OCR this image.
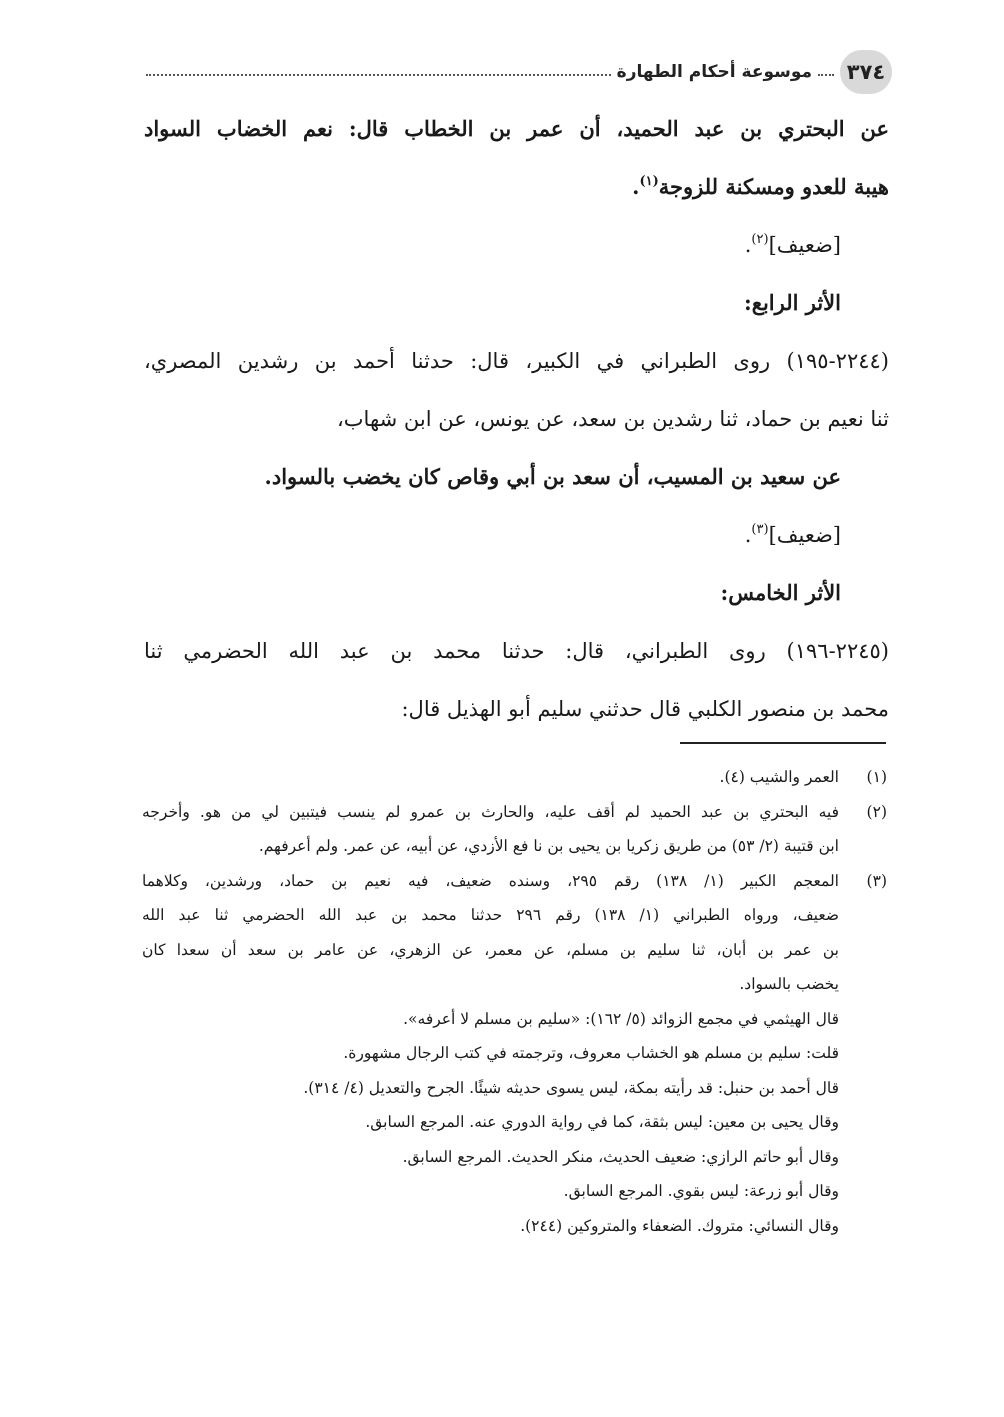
٣٧٤
موسوعة أحكام الطهارة
عن البحتري بن عبد الحميد، أن عمر بن الخطاب قال: نعم الخضاب السواد
هيبة للعدو ومسكنة للزوجة$^{(١)}$.
[ضعيف]$^{(٢)}$.
الأثر الرابع:
(٢٢٤٤-١٩٥) روى الطبراني في الكبير، قال: حدثنا أحمد بن رشدين المصري،
ثنا نعيم بن حماد، ثنا رشدين بن سعد، عن يونس، عن ابن شهاب،
عن سعيد بن المسيب، أن سعد بن أبي وقاص كان يخضب بالسواد.
[ضعيف]$^{(٣)}$.
الأثر الخامس:
(٢٢٤٥-١٩٦) روى الطبراني، قال: حدثنا محمد بن عبد الله الحضرمي ثنا
محمد بن منصور الكلبي قال حدثني سليم أبو الهذيل قال:
(١)
العمر والشيب (٤).
(٢)
فيه البحتري بن عبد الحميد لم أقف عليه، والحارث بن عمرو لم ينسب فيتبين لي من هو. وأخرجه
ابن قتيبة (٢/ ٥٣) من طريق زكريا بن يحيى بن نا فع الأزدي، عن أبيه، عن عمر. ولم أعرفهم.
(٣)
المعجم الكبير (١/ ١٣٨) رقم ٢٩٥، وسنده ضعيف، فيه نعيم بن حماد، ورشدين، وكلاهما
ضعيف، ورواه الطبراني (١/ ١٣٨) رقم ٢٩٦ حدثنا محمد بن عبد الله الحضرمي ثنا عبد الله
بن عمر بن أبان، ثنا سليم بن مسلم، عن معمر، عن الزهري، عن عامر بن سعد أن سعدا كان
يخضب بالسواد.
قال الهيثمي في مجمع الزوائد (٥/ ١٦٢): «سليم بن مسلم لا أعرفه».
قلت: سليم بن مسلم هو الخشاب معروف، وترجمته في كتب الرجال مشهورة.
قال أحمد بن حنبل: قد رأيته بمكة، ليس يسوى حديثه شيئًا. الجرح والتعديل (٤/ ٣١٤).
وقال يحيى بن معين: ليس بثقة، كما في رواية الدوري عنه. المرجع السابق.
وقال أبو حاتم الرازي: ضعيف الحديث، منكر الحديث. المرجع السابق.
وقال أبو زرعة: ليس بقوي. المرجع السابق.
وقال النسائي: متروك. الضعفاء والمتروكين (٢٤٤).
